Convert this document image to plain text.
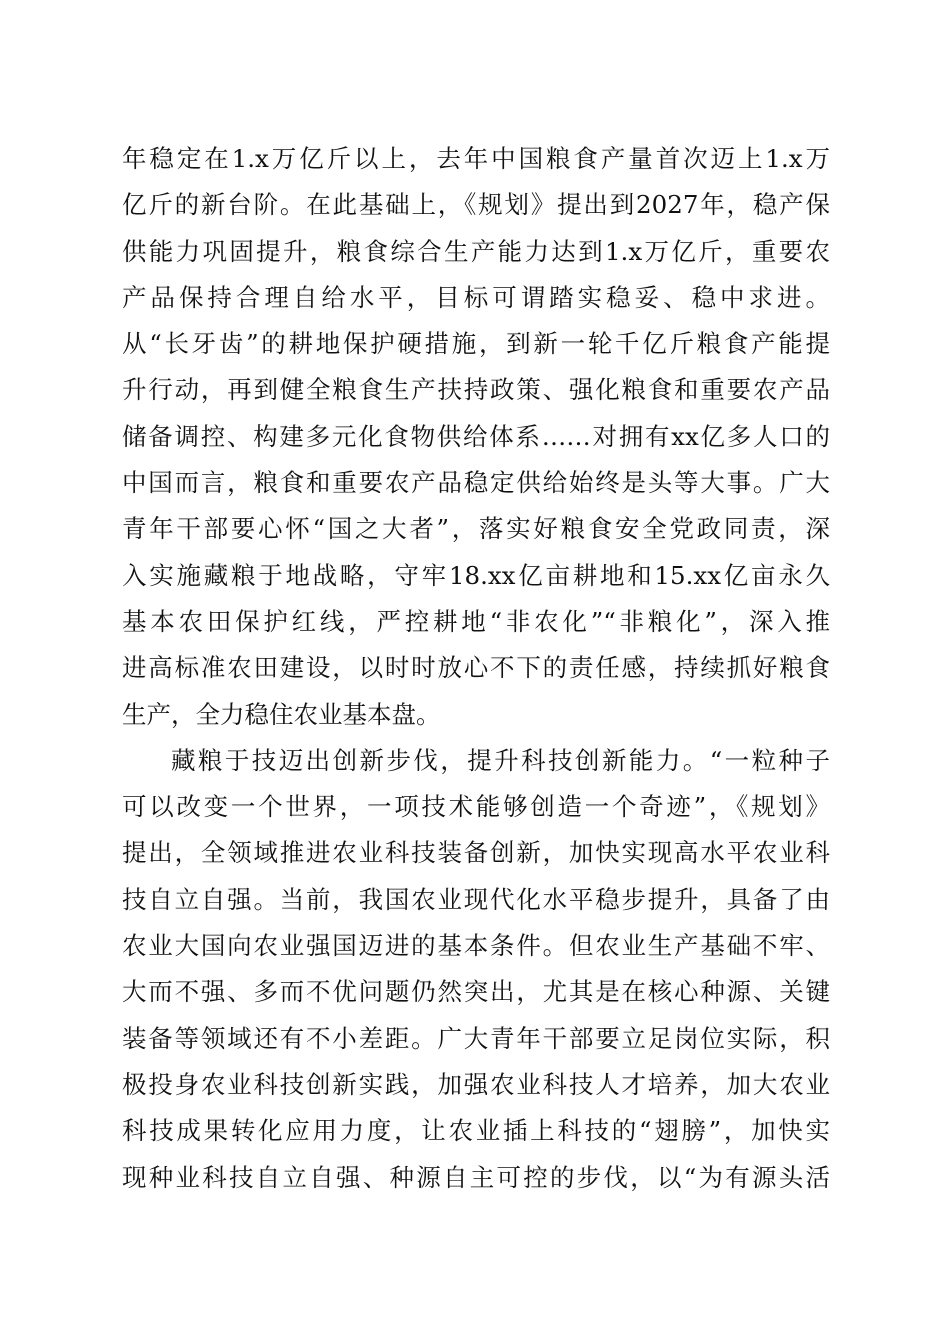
年稳定在1.x万亿斤以上，去年中国粮食产量首次迈上1.x万
亿斤的新台阶。在此基础上，《规划》提出到2027年，稳产保
供能力巩固提升，粮食综合生产能力达到1.x万亿斤，重要农
产品保持合理自给水平，目标可谓踏实稳妥、稳中求进。
从“长牙齿”的耕地保护硬措施，到新一轮千亿斤粮食产能提
升行动，再到健全粮食生产扶持政策、强化粮食和重要农产品
储备调控、构建多元化食物供给体系……对拥有xx亿多人口的
中国而言，粮食和重要农产品稳定供给始终是头等大事。广大
青年干部要心怀“国之大者”，落实好粮食安全党政同责，深
入实施藏粮于地战略，守牢18.xx亿亩耕地和15.xx亿亩永久
基本农田保护红线，严控耕地“非农化”“非粮化”，深入推
进高标准农田建设，以时时放心不下的责任感，持续抓好粮食
生产，全力稳住农业基本盘。
藏粮于技迈出创新步伐，提升科技创新能力。“一粒种子
可以改变一个世界，一项技术能够创造一个奇迹”，《规划》
提出，全领域推进农业科技装备创新，加快实现高水平农业科
技自立自强。当前，我国农业现代化水平稳步提升，具备了由
农业大国向农业强国迈进的基本条件。但农业生产基础不牢、
大而不强、多而不优问题仍然突出，尤其是在核心种源、关键
装备等领域还有不小差距。广大青年干部要立足岗位实际，积
极投身农业科技创新实践，加强农业科技人才培养，加大农业
科技成果转化应用力度，让农业插上科技的“翅膀”，加快实
现种业科技自立自强、种源自主可控的步伐，以“为有源头活
